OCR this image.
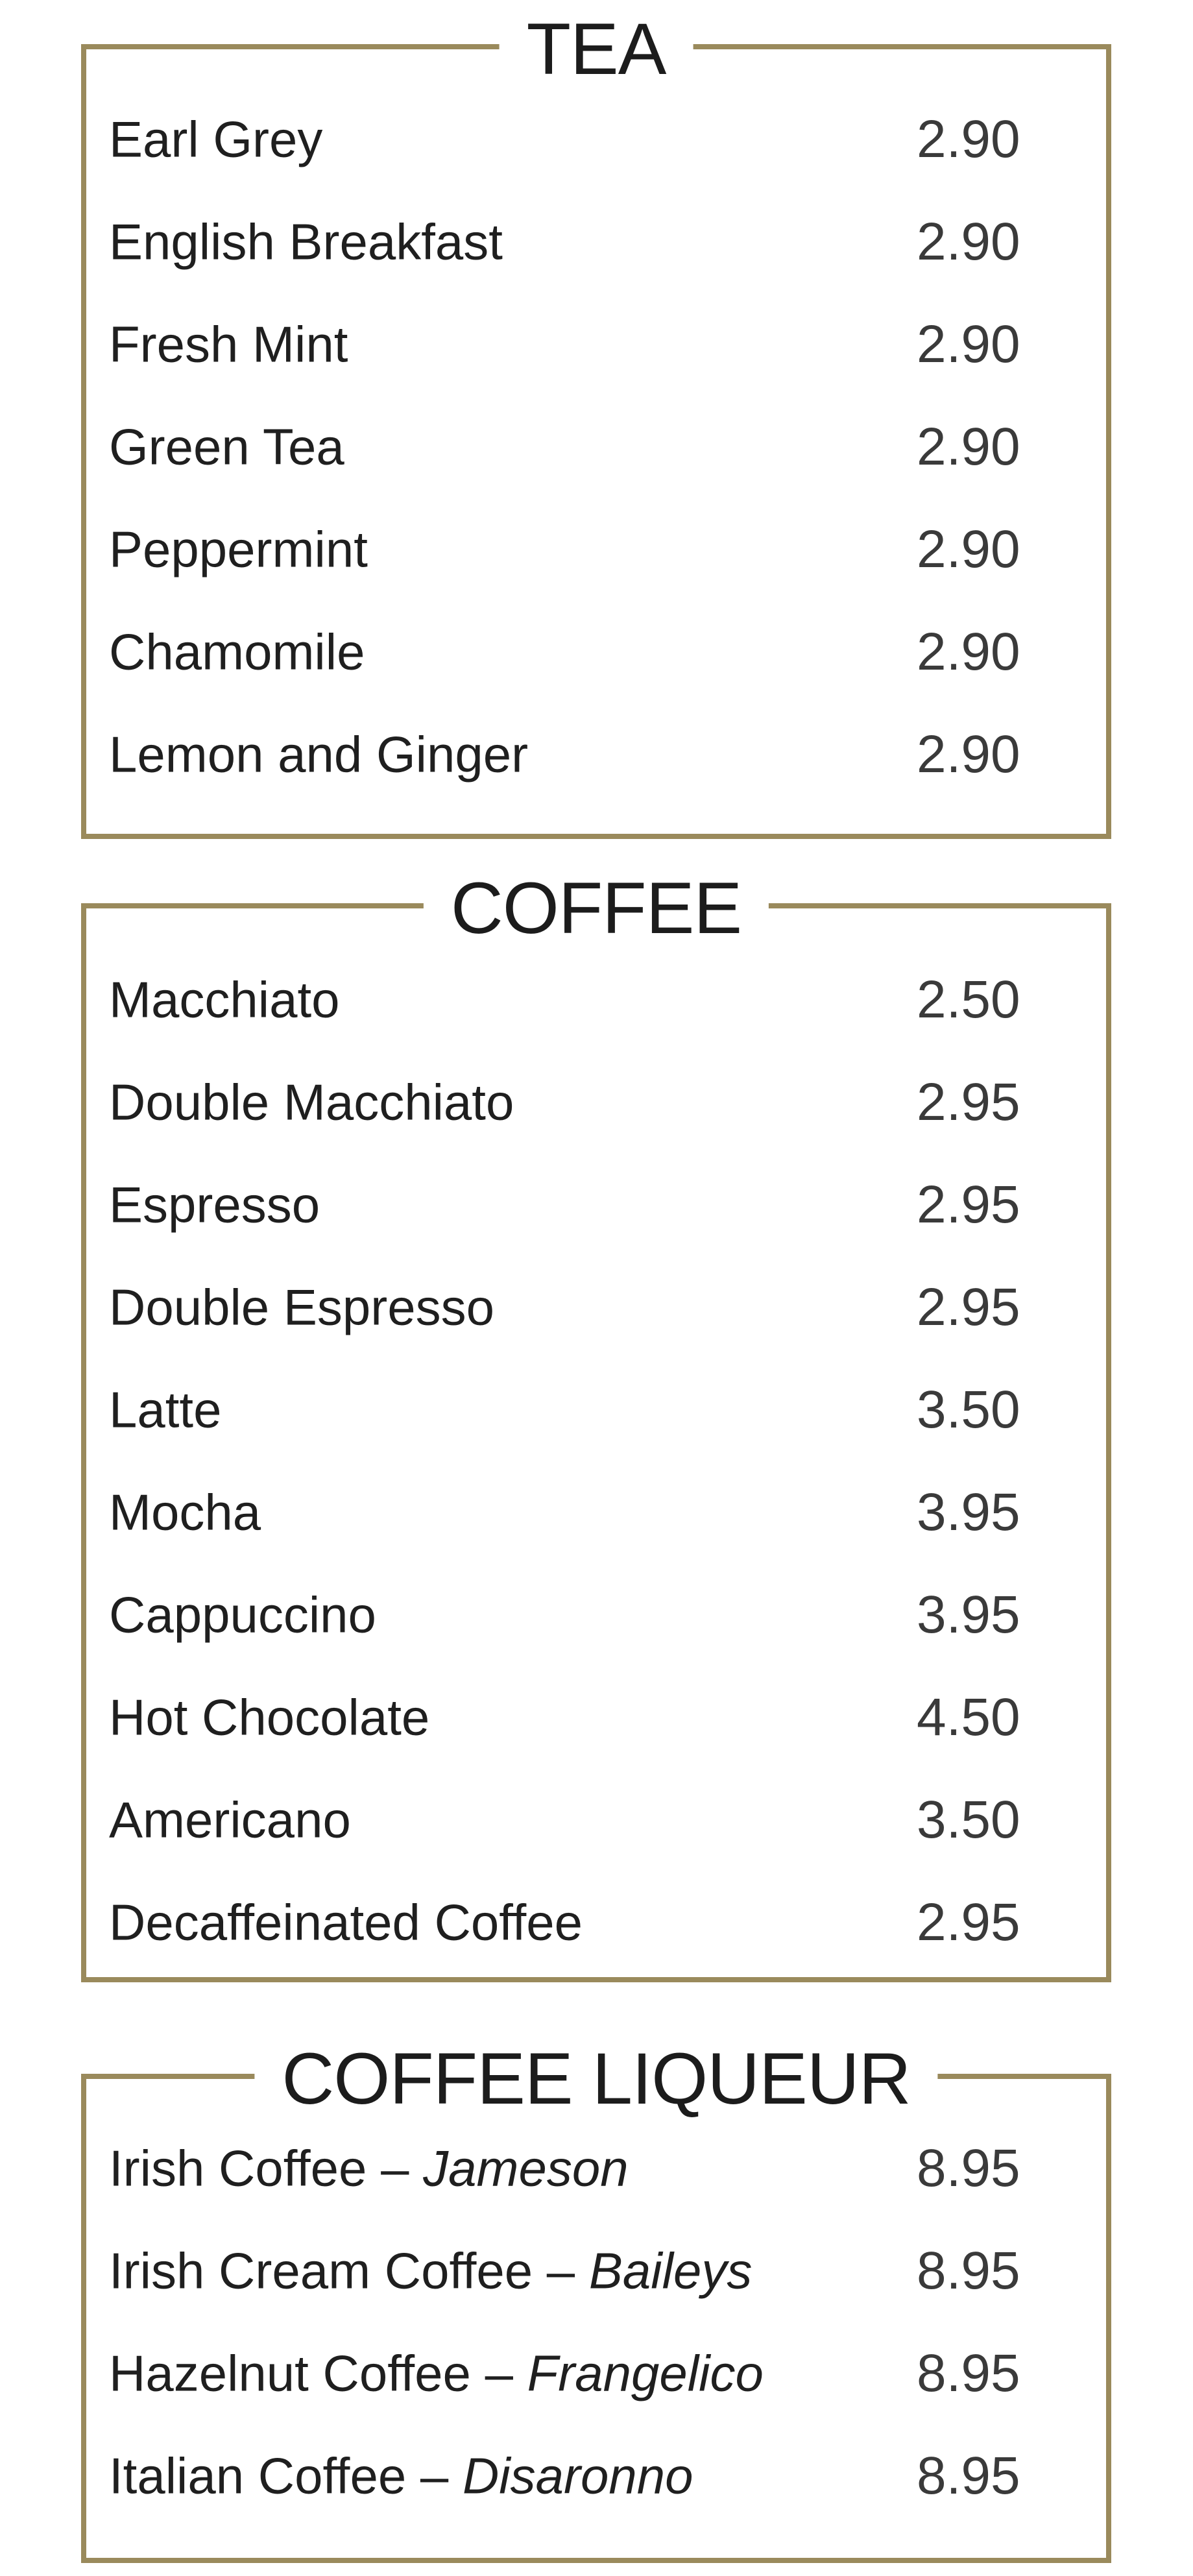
TEA
Earl Grey	2.90
English Breakfast	2.90
Fresh Mint	2.90
Green Tea	2.90
Peppermint	2.90
Chamomile	2.90
Lemon and Ginger	2.90
COFFEE
Macchiato	2.50
Double Macchiato	2.95
Espresso	2.95
Double Espresso	2.95
Latte	3.50
Mocha	3.95
Cappuccino	3.95
Hot Chocolate	4.50
Americano	3.50
Decaffeinated Coffee	2.95
COFFEE LIQUEUR
Irish Coffee – Jameson	8.95
Irish Cream Coffee – Baileys	8.95
Hazelnut Coffee – Frangelico	8.95
Italian Coffee – Disaronno	8.95
